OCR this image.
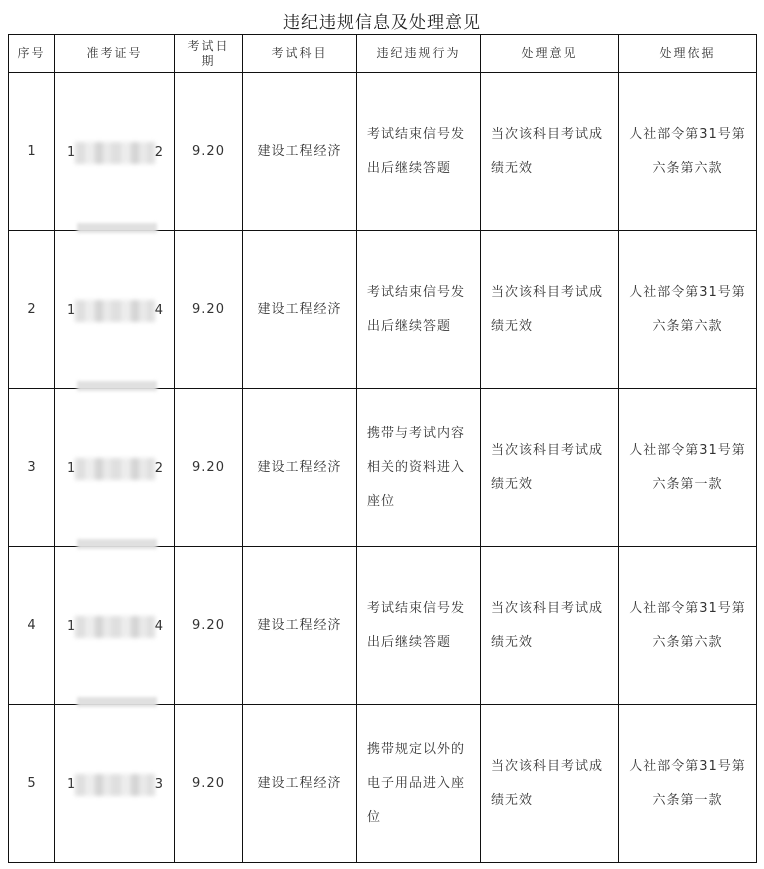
违纪违规信息及处理意见
序号	准考证号	考试日期	考试科目	违纪违规行为	处理意见	处理依据
1	1 2	9.20	建设工程经济	考试结束信号发出后继续答题	当次该科目考试成绩无效	人社部令第31号第六条第六款

2	1 4	9.20	建设工程经济	考试结束信号发出后继续答题	当次该科目考试成绩无效	人社部令第31号第六条第六款

3	1 2	9.20	建设工程经济	携带与考试内容相关的资料进入座位	当次该科目考试成绩无效	人社部令第31号第六条第一款

4	1 4	9.20	建设工程经济	考试结束信号发出后继续答题	当次该科目考试成绩无效	人社部令第31号第六条第六款

5	1 3	9.20	建设工程经济	携带规定以外的电子用品进入座位	当次该科目考试成绩无效	人社部令第31号第六条第一款
